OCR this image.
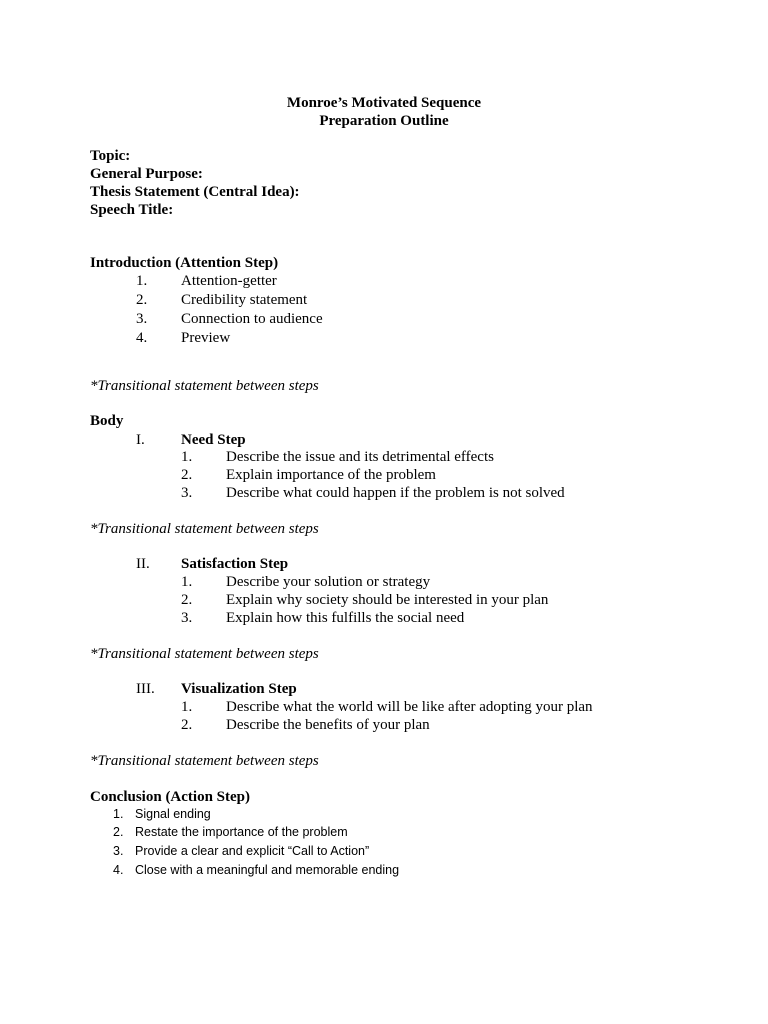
Monroe’s Motivated Sequence
Preparation Outline
Topic:
General Purpose:
Thesis Statement (Central Idea):
Speech Title:
Introduction (Attention Step)
1. Attention-getter
2. Credibility statement
3. Connection to audience
4. Preview
*Transitional statement between steps
Body
I. Need Step
1. Describe the issue and its detrimental effects
2. Explain importance of the problem
3. Describe what could happen if the problem is not solved
*Transitional statement between steps
II. Satisfaction Step
1. Describe your solution or strategy
2. Explain why society should be interested in your plan
3. Explain how this fulfills the social need
*Transitional statement between steps
III. Visualization Step
1. Describe what the world will be like after adopting your plan
2. Describe the benefits of your plan
*Transitional statement between steps
Conclusion (Action Step)
1. Signal ending
2. Restate the importance of the problem
3. Provide a clear and explicit “Call to Action”
4. Close with a meaningful and memorable ending
